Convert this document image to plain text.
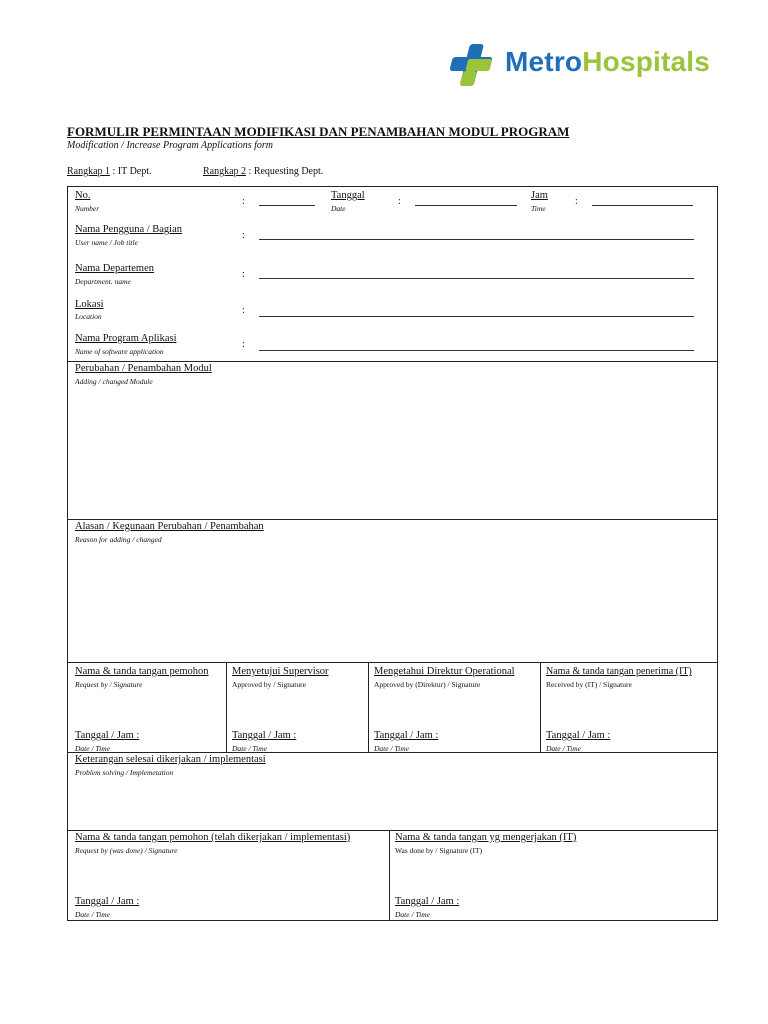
MetroHospitals
FORMULIR PERMINTAAN MODIFIKASI DAN PENAMBAHAN MODUL PROGRAM
Modification / Increase Program Applications form
Rangkap 1 : IT Dept.	Rangkap 2 : Requesting Dept.
No.
Number
:
Tanggal
Date
:
Jam
Time
:
Nama Pengguna / Bagian
User name / Job title
:
Nama Departemen
Department. name
:
Lokasi
Location
:
Nama Program Aplikasi
Name of software application
:
Perubahan / Penambahan Modul
Adding / changed Module
Alasan / Kegunaan Perubahan / Penambahan
Reason for adding / changed
Nama & tanda tangan pemohon
Request by / Signature
Tanggal / Jam :
Date / Time
Menyetujui Supervisor
Approved by / Signature
Tanggal / Jam :
Date / Time
Mengetahui Direktur Operational
Approved by (Direktur) / Signature
Tanggal / Jam :
Date / Time
Nama & tanda tangan penerima (IT)
Received by (IT) / Signature
Tanggal / Jam :
Date / Time
Keterangan selesai dikerjakan / implementasi
Problem solving / Implemetation
Nama & tanda tangan pemohon (telah dikerjakan / implementasi)
Request by (was done) / Signature
Tanggal / Jam :
Date / Time
Nama & tanda tangan yg mengerjakan (IT)
Was done by / Signature (IT)
Tanggal / Jam :
Date / Time
